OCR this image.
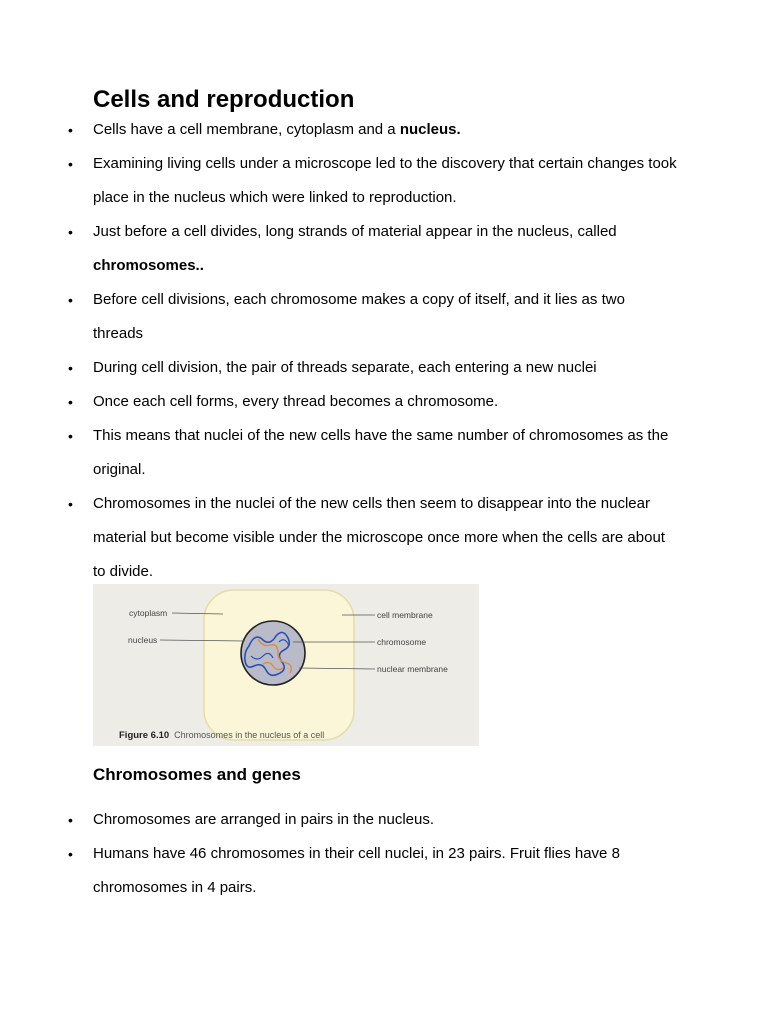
Cells and reproduction
• Cells have a cell membrane, cytoplasm and a nucleus.

• Examining living cells under a microscope led to the discovery that certain changes took place in the nucleus which were linked to reproduction.

• Just before a cell divides, long strands of material appear in the nucleus, called chromosomes..

• Before cell divisions, each chromosome makes a copy of itself, and it lies as two threads

• During cell division, the pair of threads separate, each entering a new nuclei

• Once each cell forms, every thread becomes a chromosome.

• This means that nuclei of the new cells have the same number of chromosomes as the original.

• Chromosomes in the nuclei of the new cells then seem to disappear into the nuclear material but become visible under the microscope once more when the cells are about to divide.

cytoplasm
nucleus
cell membrane
chromosome
nuclear membrane
Figure 6.10 Chromosomes in the nucleus of a cell
Chromosomes and genes
• Chromosomes are arranged in pairs in the nucleus.

• Humans have 46 chromosomes in their cell nuclei, in 23 pairs. Fruit flies have 8 chromosomes in 4 pairs.
